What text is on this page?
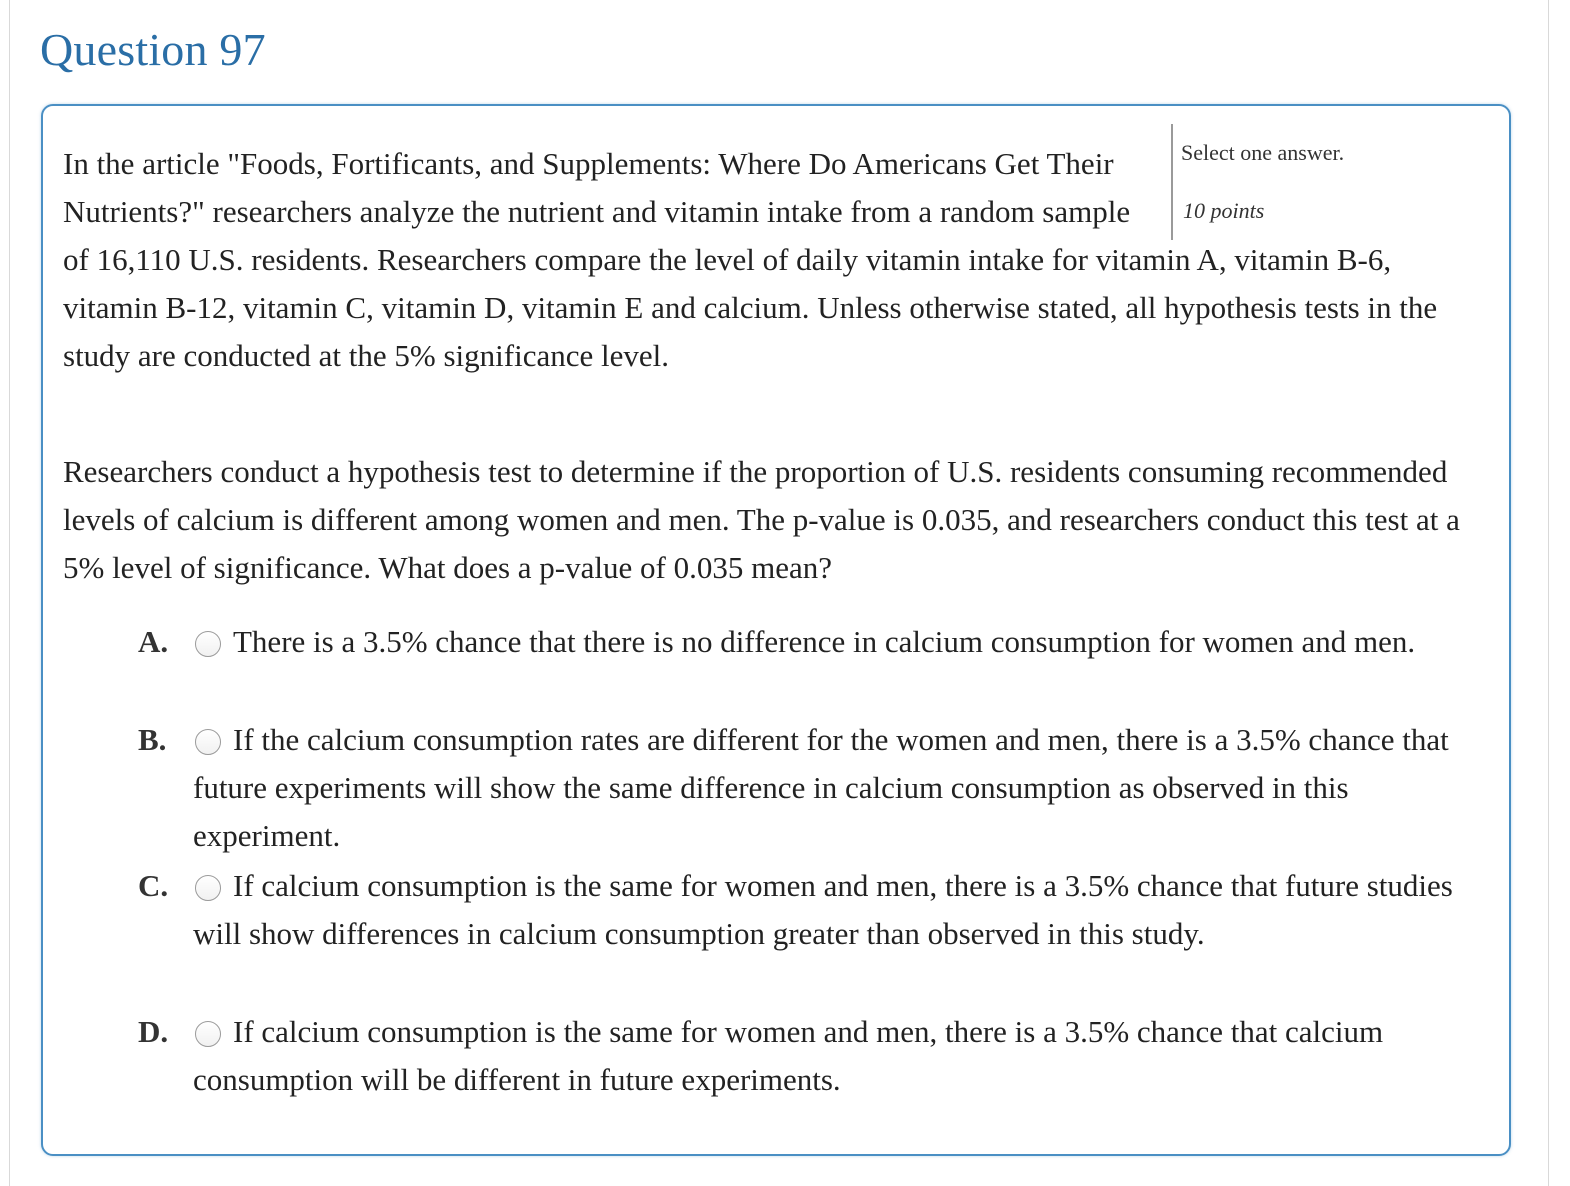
Question 97
Select one answer.
10 points
In the article "Foods, Fortificants, and Supplements: Where Do Americans Get Their Nutrients?" researchers analyze the nutrient and vitamin intake from a random sample of 16,110 U.S. residents. Researchers compare the level of daily vitamin intake for vitamin A, vitamin B-6, vitamin B-12, vitamin C, vitamin D, vitamin E and calcium. Unless otherwise stated, all hypothesis tests in the study are conducted at the 5% significance level.

Researchers conduct a hypothesis test to determine if the proportion of U.S. residents consuming recommended levels of calcium is different among women and men. The p-value is 0.035, and researchers conduct this test at a 5% level of significance. What does a p-value of 0.035 mean?

A.	There is a 3.5% chance that there is no difference in calcium consumption for women and men.

B.	If the calcium consumption rates are different for the women and men, there is a 3.5% chance that future experiments will show the same difference in calcium consumption as observed in this experiment.

C.	If calcium consumption is the same for women and men, there is a 3.5% chance that future studies will show differences in calcium consumption greater than observed in this study.

D.	If calcium consumption is the same for women and men, there is a 3.5% chance that calcium consumption will be different in future experiments.
